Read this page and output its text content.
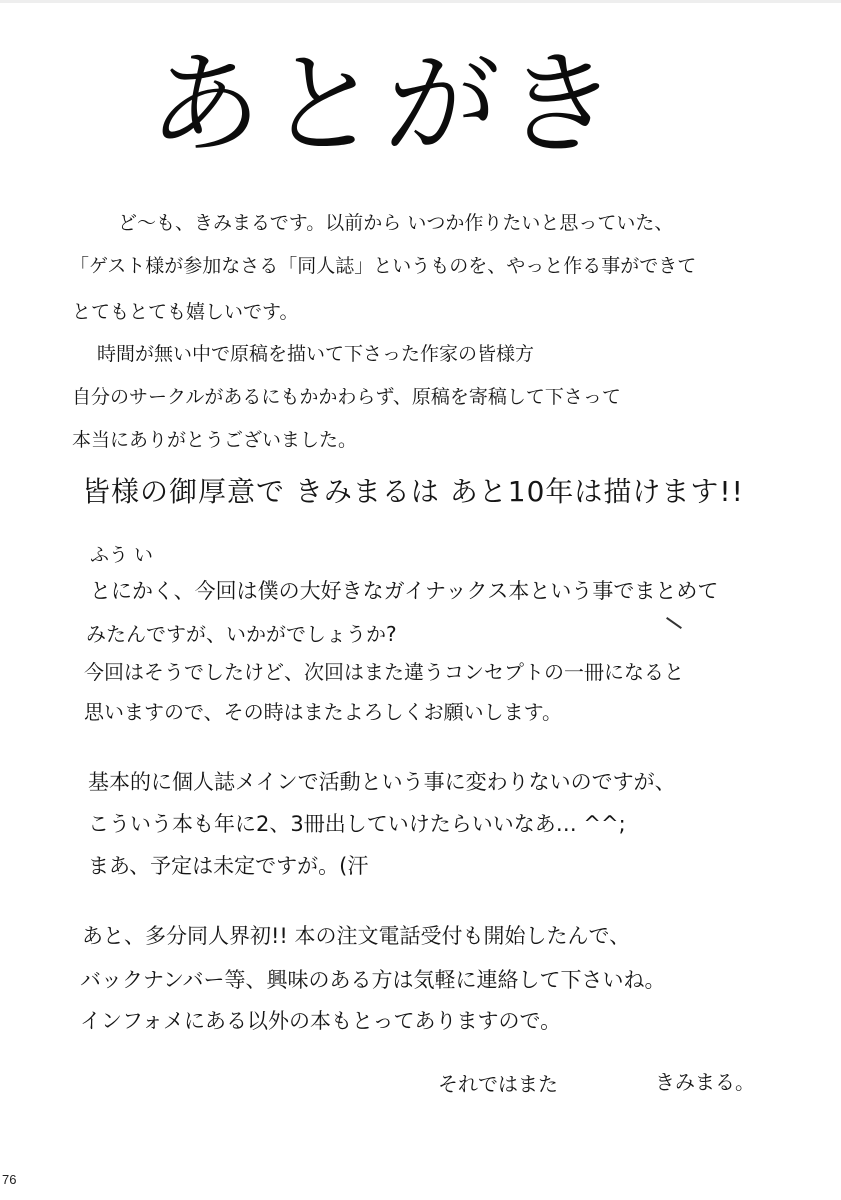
あとがき
ど〜も、きみまるです。以前から いつか作りたいと思っていた、
「ゲスト様が参加なさる「同人誌」というものを、やっと作る事ができて
とてもとても嬉しいです。
時間が無い中で原稿を描いて下さった作家の皆様方
自分のサークルがあるにもかかわらず、原稿を寄稿して下さって
本当にありがとうございました。
皆様の御厚意で きみまるは あと10年は描けます!!
ふう い
とにかく、今回は僕の大好きなガイナックス本という事でまとめて
みたんですが、いかがでしょうか?
今回はそうでしたけど、次回はまた違うコンセプトの一冊になると
思いますので、その時はまたよろしくお願いします。
基本的に個人誌メインで活動という事に変わりないのですが、
こういう本も年に2、3冊出していけたらいいなあ… ^^;
まあ、予定は未定ですが。(汗
あと、多分同人界初!! 本の注文電話受付も開始したんで、
バックナンバー等、興味のある方は気軽に連絡して下さいね。
インフォメにある以外の本もとってありますので。
それではまた	きみまる。
76
